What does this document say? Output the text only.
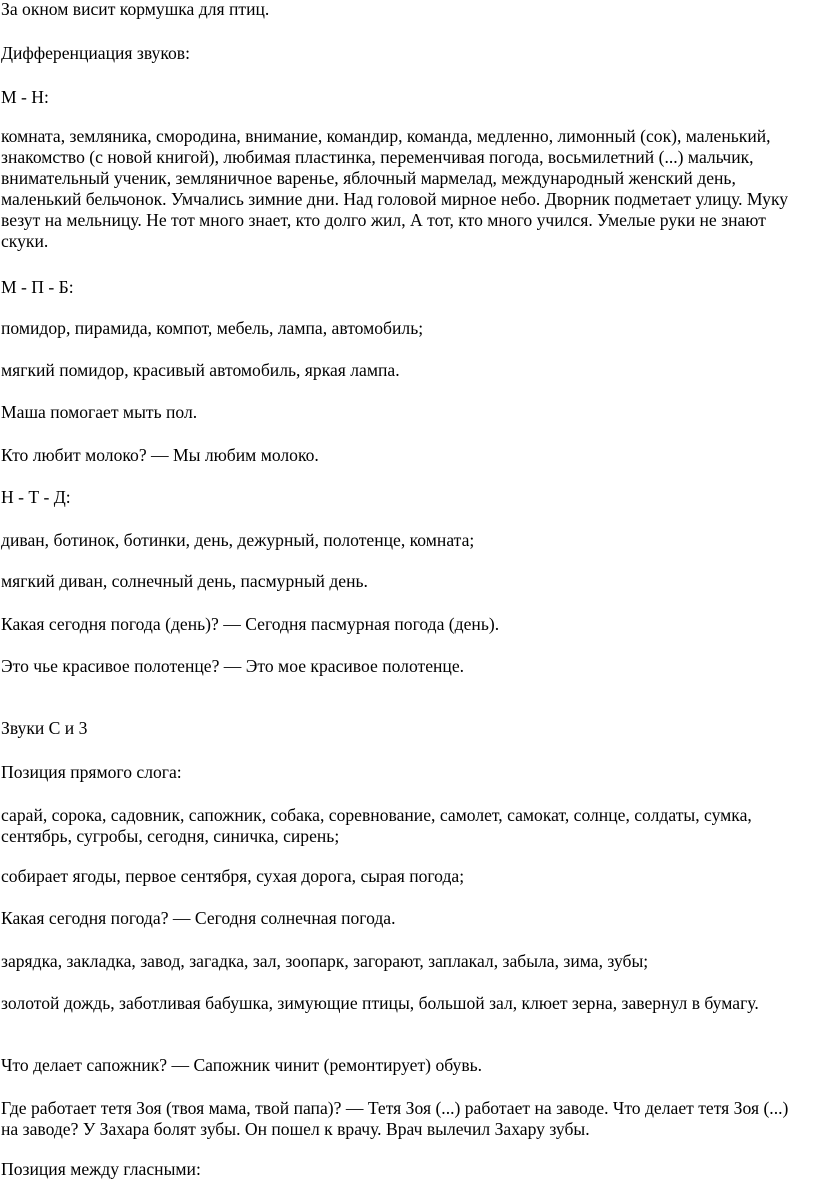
За окном висит кормушка для птиц.

Дифференциация звуков:

М - Н:

комната, земляника, смородина, внимание, командир, команда, медленно, лимонный (сок), маленький, знакомство (с новой книгой), любимая пластинка, переменчивая погода, восьмилетний (...) мальчик, внимательный ученик, земляничное варенье, яблочный мармелад, международный женский день, маленький бельчонок. Умчались зимние дни. Над головой мирное небо. Дворник подметает улицу. Муку везут на мельницу. Не тот много знает, кто долго жил, А тот, кто много учился. Умелые руки не знают скуки.

М - П - Б:

помидор, пирамида, компот, мебель, лампа, автомобиль;

мягкий помидор, красивый автомобиль, яркая лампа.

Маша помогает мыть пол.

Кто любит молоко? — Мы любим молоко.

Н - Т - Д:

диван, ботинок, ботинки, день, дежурный, полотенце, комната;

мягкий диван, солнечный день, пасмурный день.

Какая сегодня погода (день)? — Сегодня пасмурная погода (день).

Это чье красивое полотенце? — Это мое красивое полотенце.

Звуки С и 3

Позиция прямого слога:

сарай, сорока, садовник, сапожник, собака, соревнование, самолет, самокат, солнце, солдаты, сумка, сентябрь, сугробы, сегодня, синичка, сирень;

собирает ягоды, первое сентября, сухая дорога, сырая погода;

Какая сегодня погода? — Сегодня солнечная погода.

зарядка, закладка, завод, загадка, зал, зоопарк, загорают, заплакал, забыла, зима, зубы;

золотой дождь, заботливая бабушка, зимующие птицы, большой зал, клюет зерна, завернул в бумагу.

Что делает сапожник? — Сапожник чинит (ремонтирует) обувь.

Где работает тетя Зоя (твоя мама, твой папа)? — Тетя Зоя (...) работает на заводе. Что делает тетя Зоя (...) на заводе? У Захара болят зубы. Он пошел к врачу. Врач вылечил Захару зубы.

Позиция между гласными:
